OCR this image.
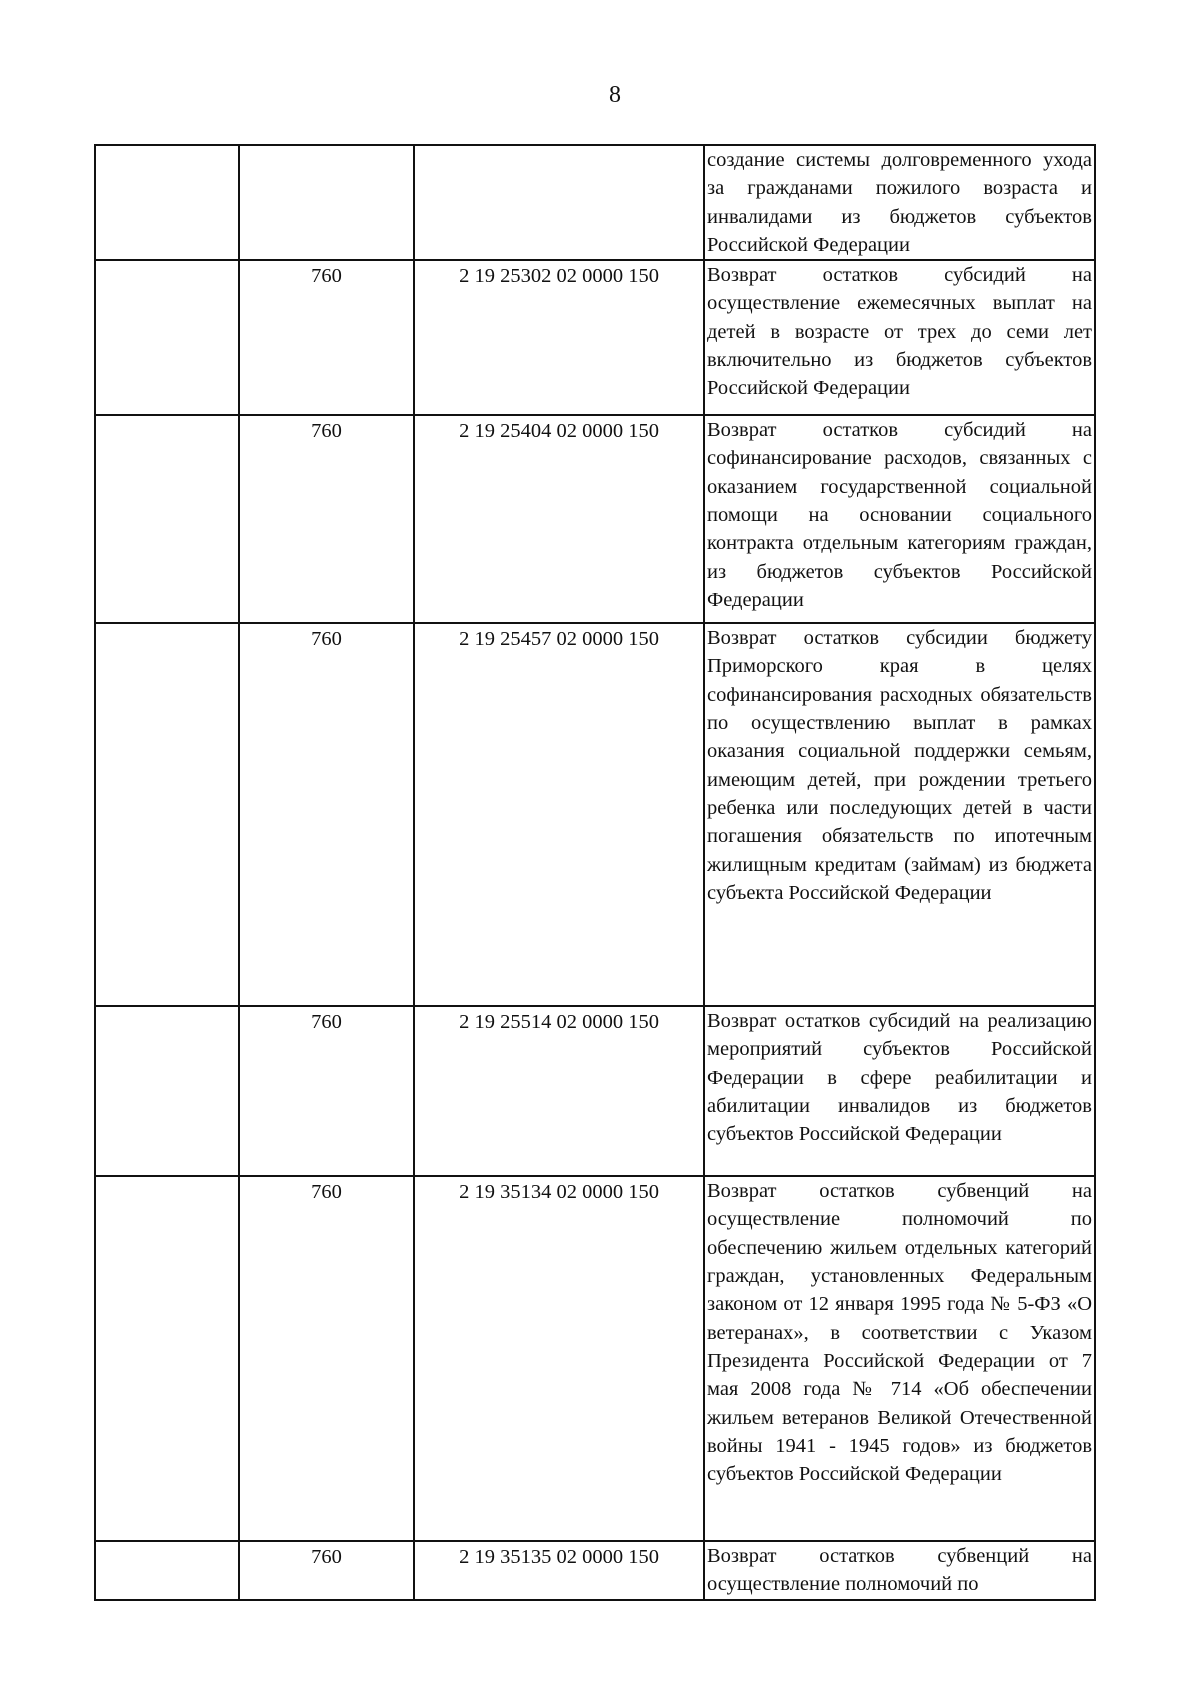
8

			создание системы долговременного ухода за гражданами пожилого возраста и инвалидами из бюджетов субъектов Российской Федерации

	760	2 19 25302 02 0000 150	Возврат остатков субсидий на осуществление ежемесячных выплат на детей в возрасте от трех до семи лет включительно из бюджетов субъектов Российской Федерации

	760	2 19 25404 02 0000 150	Возврат остатков субсидий на софинансирование расходов, связанных с оказанием государственной социальной помощи на основании социального контракта отдельным категориям граждан, из бюджетов субъектов Российской Федерации

	760	2 19 25457 02 0000 150	Возврат остатков субсидии бюджету Приморского края в целях софинансирования расходных обязательств по осуществлению выплат в рамках оказания социальной поддержки семьям, имеющим детей, при рождении третьего ребенка или последующих детей в части погашения обязательств по ипотечным жилищным кредитам (займам) из бюджета субъекта Российской Федерации

	760	2 19 25514 02 0000 150	Возврат остатков субсидий на реализацию мероприятий субъектов Российской Федерации в сфере реабилитации и абилитации инвалидов из бюджетов субъектов Российской Федерации

	760	2 19 35134 02 0000 150	Возврат остатков субвенций на осуществление полномочий по обеспечению жильем отдельных категорий граждан, установленных Федеральным законом от 12 января 1995 года № 5-ФЗ «О ветеранах», в соответствии с Указом Президента Российской Федерации от 7 мая 2008 года № 714 «Об обеспечении жильем ветеранов Великой Отечественной войны 1941 - 1945 годов» из бюджетов субъектов Российской Федерации

	760	2 19 35135 02 0000 150	Возврат остатков субвенций на осуществление полномочий по
